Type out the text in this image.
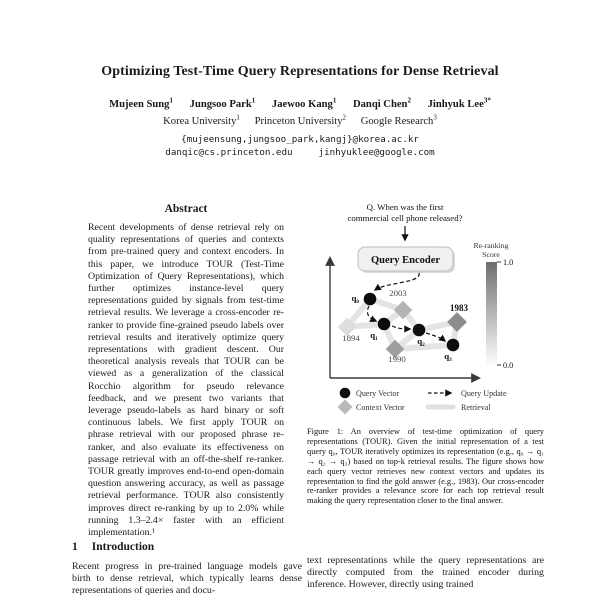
Optimizing Test-Time Query Representations for Dense Retrieval
Mujeen Sung$^1$ Jungsoo Park$^1$ Jaewoo Kang$^1$ Danqi Chen$^2$ Jinhyuk Lee$^{3*}$
Korea University$^1$ Princeton University$^2$ Google Research$^3$
{mujeensung,jungsoo_park,kangj}@korea.ac.kr
danqic@cs.princeton.edu	jinhyuklee@google.com
Abstract
Recent developments of dense retrieval rely on quality representations of queries and contexts from pre-trained query and context encoders. In this paper, we introduce TOUR (Test-Time Optimization of Query Representations), which further optimizes instance-level query representations guided by signals from test-time retrieval results. We leverage a cross-encoder re-ranker to provide fine-grained pseudo labels over retrieval results and iteratively optimize query representations with gradient descent. Our theoretical analysis reveals that TOUR can be viewed as a generalization of the classical Rocchio algorithm for pseudo relevance feedback, and we present two variants that leverage pseudo-labels as hard binary or soft continuous labels. We first apply TOUR on phrase retrieval with our proposed phrase re-ranker, and also evaluate its effectiveness on passage retrieval with an off-the-shelf re-ranker. TOUR greatly improves end-to-end open-domain question answering accuracy, as well as passage retrieval performance. TOUR also consistently improves direct re-ranking by up to 2.0% while running 1.3–2.4× faster with an efficient implementation.¹
1 Introduction
Recent progress in pre-trained language models gave birth to dense retrieval, which typically learns dense representations of queries and docu-
Q. When was the first
commercial cell phone released?
Query Encoder
2003
1894
1990
1983
q₀
q₁
q₂
q₃
Re-ranking
Score
1.0
0.0
Query Vector	Query Update
Context Vector	Retrieval
Figure 1: An overview of test-time optimization of query representations (TOUR). Given the initial representation of a test query q₀, TOUR iteratively optimizes its representation (e.g., q₀ → q₁ → q₂ → q₃) based on top-k retrieval results. The figure shows how each query vector retrieves new context vectors and updates its representation to find the gold answer (e.g., 1983). Our cross-encoder re-ranker provides a relevance score for each top retrieval result making the query representation closer to the final answer.
text representations while the query representations are directly computed from the trained encoder during inference. However, directly using trained
